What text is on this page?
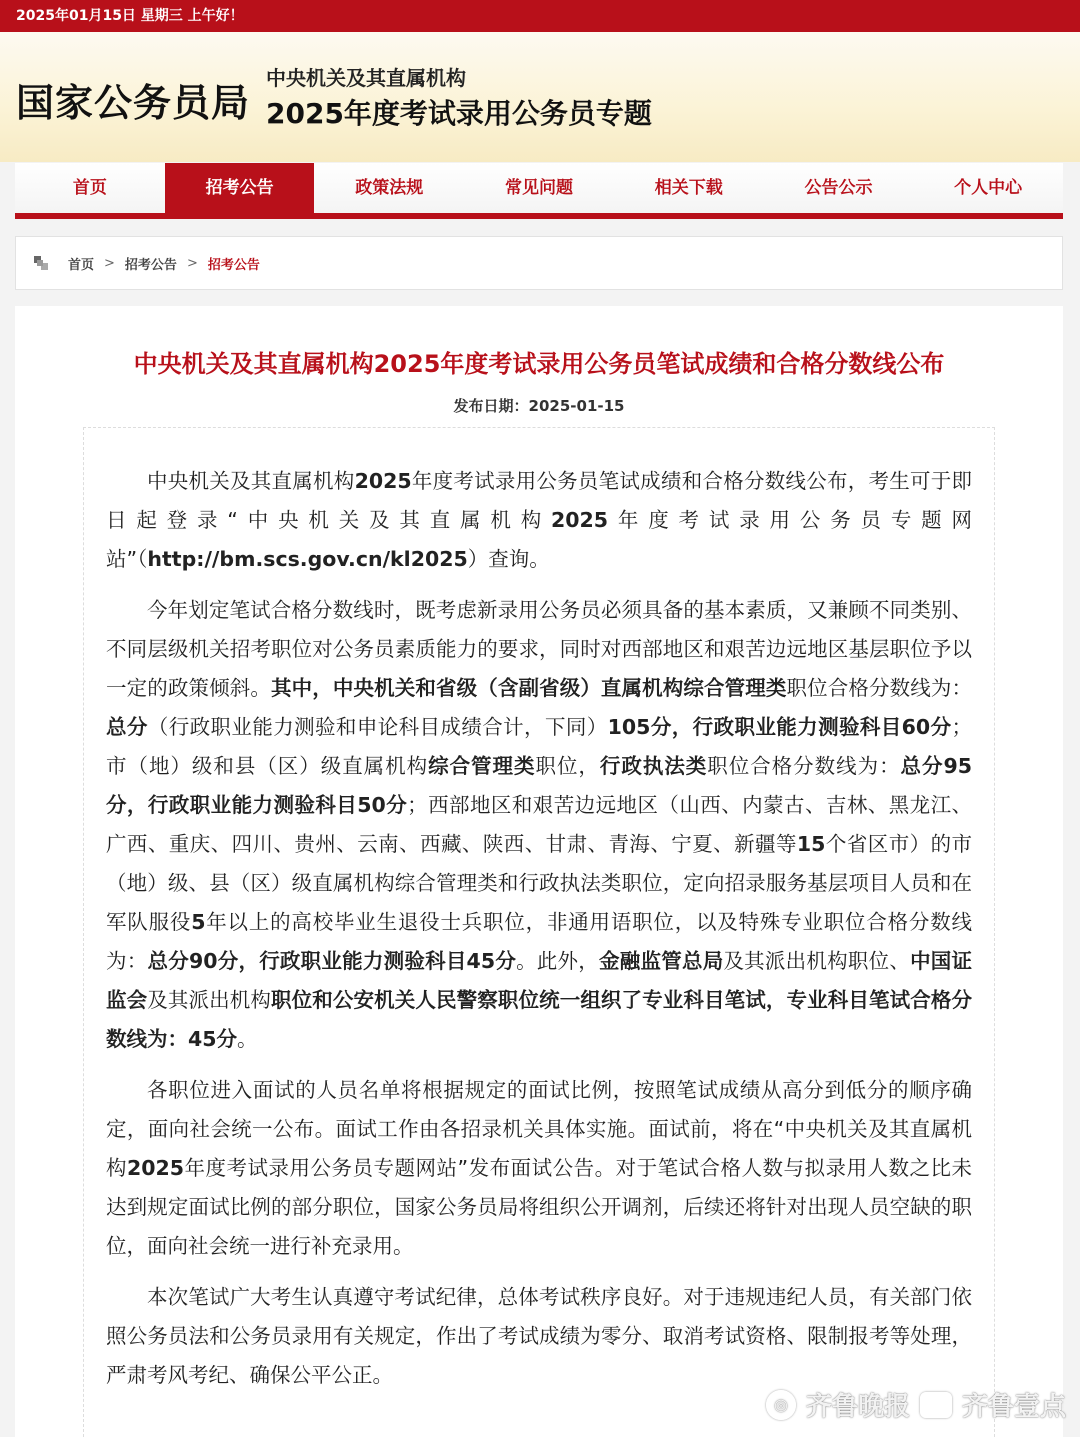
2025年01月15日 星期三 上午好！
国家公务员局
中央机关及其直属机构
2025年度考试录用公务员专题
首页	招考公告	政策法规	常见问题	相关下载	公告公示	个人中心
首页 > 招考公告 > 招考公告
中央机关及其直属机构2025年度考试录用公务员笔试成绩和合格分数线公布
发布日期：2025-01-15

中央机关及其直属机构2025年度考试录用公务员笔试成绩和合格分数线公布，考生可于即日起登录“中央机关及其直属机构2025年度考试录用公务员专题网站”（http://bm.scs.gov.cn/kl2025）查询。

今年划定笔试合格分数线时，既考虑新录用公务员必须具备的基本素质，又兼顾不同类别、不同层级机关招考职位对公务员素质能力的要求，同时对西部地区和艰苦边远地区基层职位予以一定的政策倾斜。其中，中央机关和省级（含副省级）直属机构综合管理类职位合格分数线为：总分（行政职业能力测验和申论科目成绩合计，下同）105分，行政职业能力测验科目60分；市（地）级和县（区）级直属机构综合管理类职位，行政执法类职位合格分数线为：总分95分，行政职业能力测验科目50分；西部地区和艰苦边远地区（山西、内蒙古、吉林、黑龙江、广西、重庆、四川、贵州、云南、西藏、陕西、甘肃、青海、宁夏、新疆等15个省区市）的市（地）级、县（区）级直属机构综合管理类和行政执法类职位，定向招录服务基层项目人员和在军队服役5年以上的高校毕业生退役士兵职位，非通用语职位，以及特殊专业职位合格分数线为：总分90分，行政职业能力测验科目45分。此外，金融监管总局及其派出机构职位、中国证监会及其派出机构职位和公安机关人民警察职位统一组织了专业科目笔试，专业科目笔试合格分数线为：45分。

各职位进入面试的人员名单将根据规定的面试比例，按照笔试成绩从高分到低分的顺序确定，面向社会统一公布。面试工作由各招录机关具体实施。面试前，将在“中央机关及其直属机构2025年度考试录用公务员专题网站”发布面试公告。对于笔试合格人数与拟录用人数之比未达到规定面试比例的部分职位，国家公务员局将组织公开调剂，后续还将针对出现人员空缺的职位，面向社会统一进行补充录用。

本次笔试广大考生认真遵守考试纪律，总体考试秩序良好。对于违规违纪人员，有关部门依照公务员法和公务员录用有关规定，作出了考试成绩为零分、取消考试资格、限制报考等处理，严肃考风考纪、确保公平公正。

◎ 齐鲁晚报 齐鲁壹点
